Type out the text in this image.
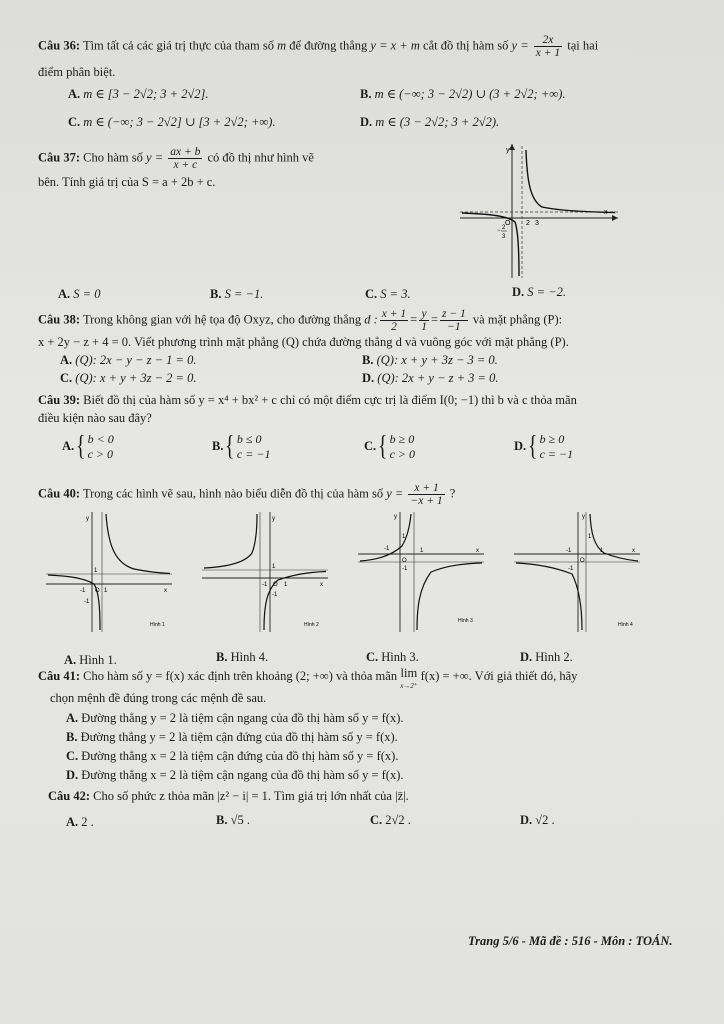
Câu 36: Tìm tất cả các giá trị thực của tham số m để đường thẳng y = x + m cắt đồ thị hàm số $y = \frac{2x}{x + 1}$ tại hai
điểm phân biệt.
A. m ∈ [3 − 2√2; 3 + 2√2].	B. m ∈ (−∞; 3 − 2√2) ∪ (3 + 2√2; +∞).
C. m ∈ (−∞; 3 − 2√2] ∪ [3 + 2√2; +∞).	D. m ∈ (3 − 2√2; 3 + 2√2).
Câu 37: Cho hàm số $y = \frac{ax + b}{x + c}$ có đồ thị như hình vẽ
bên. Tính giá trị của S = a + 2b + c.
y
x
O 2 3
− 2
3
A. S = 0	B. S = −1.	C. S = 3.	D. S = −2.
Câu 38: Trong không gian với hệ tọa độ Oxyz, cho đường thẳng d : $\frac{x + 1}{2} = \frac{y}{1} = \frac{z - 1}{-1}$ và mặt phẳng (P):
x + 2y − z + 4 = 0. Viết phương trình mặt phẳng (Q) chứa đường thẳng d và vuông góc với mặt phẳng (P).
A. (Q): 2x − y − z − 1 = 0.	B. (Q): x + y + 3z − 3 = 0.
C. (Q): x + y + 3z − 2 = 0.	D. (Q): 2x + y − z + 3 = 0.
Câu 39: Biết đồ thị của hàm số y = x⁴ + bx² + c chỉ có một điểm cực trị là điểm I(0; −1) thì b và c thỏa mãn
điều kiện nào sau đây?
A.{ b < 0
c > 0
B.{ b ≤ 0
c = −1
C.{ b ≥ 0
c > 0
D.{ b ≥ 0
c = −1
Câu 40: Trong các hình vẽ sau, hình nào biểu diễn đồ thị của hàm số $y = \frac{x + 1}{-x + 1}$ ?
y
x
O
1
-1	1
-1
Hình 1
y
x
O 1
-1
1
-1
Hình 2
y
x
O
1
-1	1
-1
Hình 3
y
x
O
1
-1	1
-1
Hình 4
A. Hình 1.	B. Hình 4.	C. Hình 3.	D. Hình 2.
Câu 41: Cho hàm số y = f(x) xác định trên khoảng (2; +∞) và thỏa mãn lim
x→2⁺ f(x) = +∞. Với giả thiết đó, hãy
chọn mệnh đề đúng trong các mệnh đề sau.
A. Đường thẳng y = 2 là tiệm cận ngang của đồ thị hàm số y = f(x).
B. Đường thẳng y = 2 là tiệm cận đứng của đồ thị hàm số y = f(x).
C. Đường thẳng x = 2 là tiệm cận đứng của đồ thị hàm số y = f(x).
D. Đường thẳng x = 2 là tiệm cận ngang của đồ thị hàm số y = f(x).
Câu 42: Cho số phức z thỏa mãn |z² − i| = 1. Tìm giá trị lớn nhất của |z̄|.
A. 2 .	B. √5 .	C. 2√2 .	D. √2 .
Trang 5/6 - Mã đề : 516 - Môn : TOÁN.
